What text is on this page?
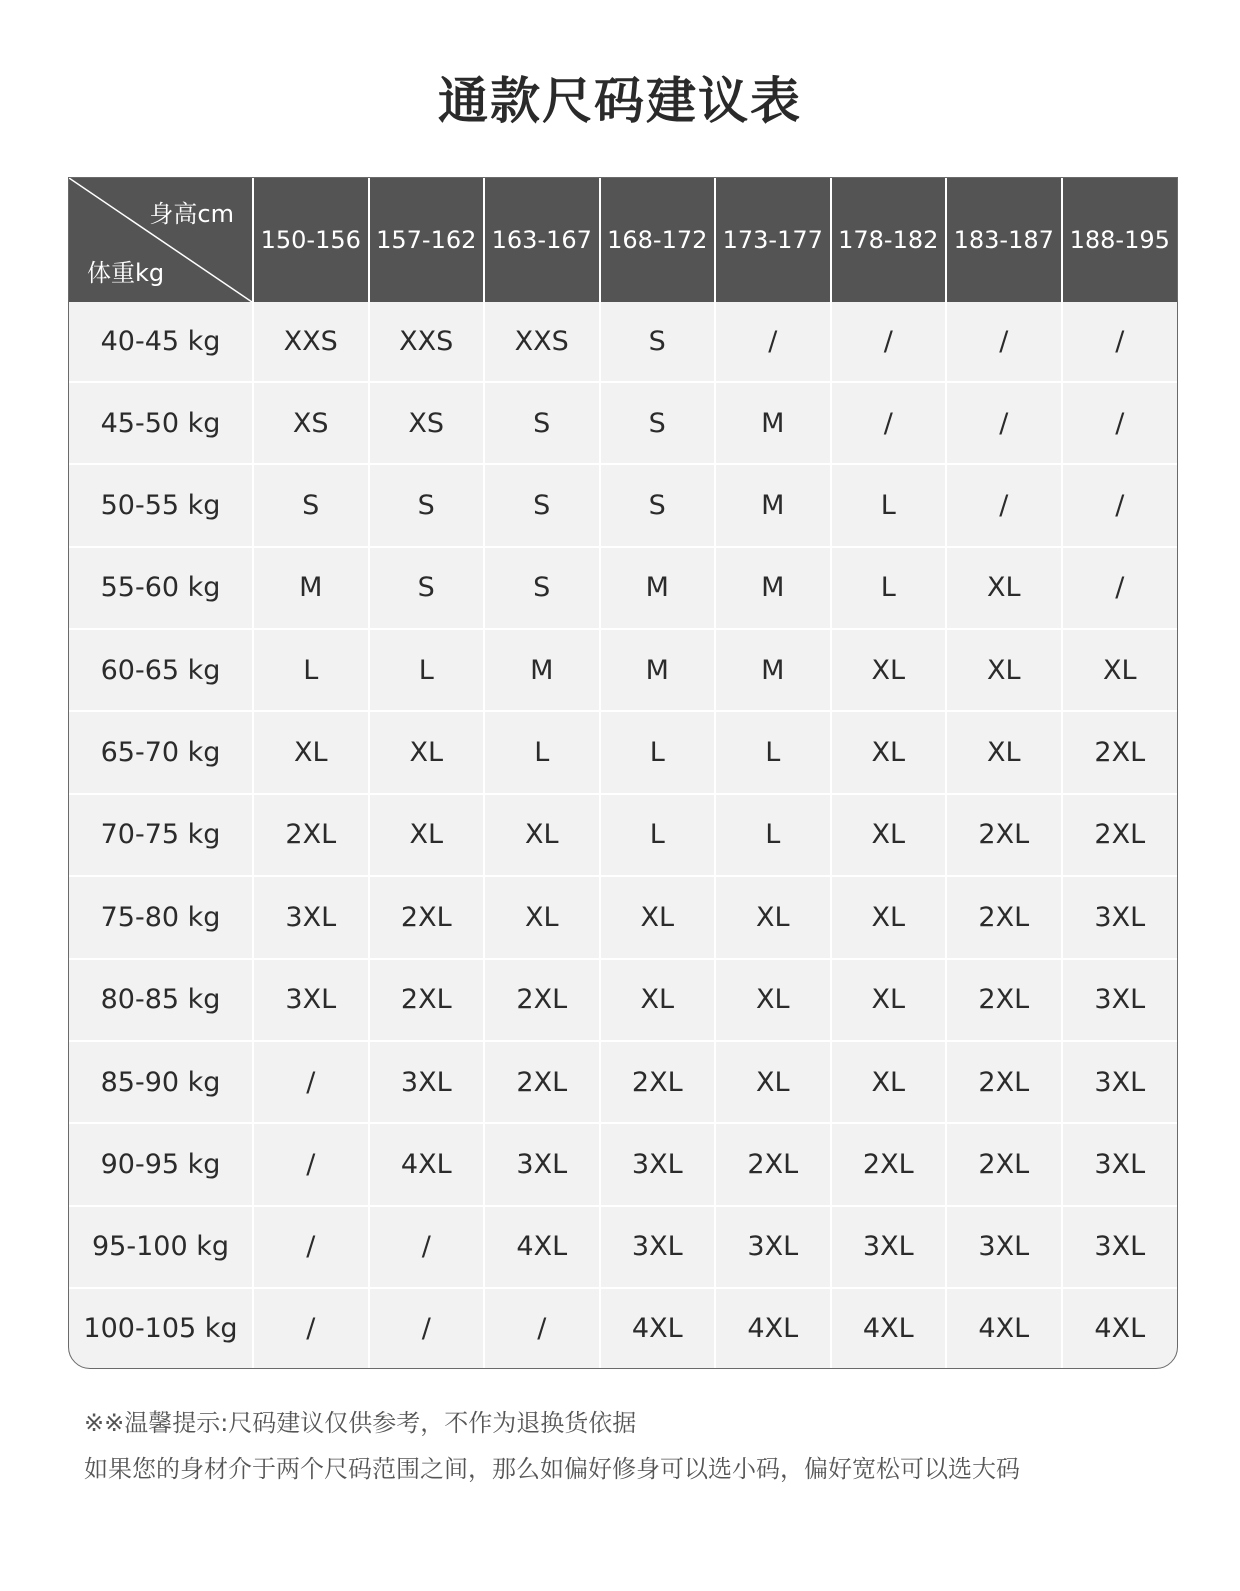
通款尺码建议表
身高cm
体重kg	150-156	157-162	163-167	168-172	173-177	178-182	183-187	188-195
40-45 kg	XXS	XXS	XXS	S	/	/	/	/
45-50 kg	XS	XS	S	S	M	/	/	/
50-55 kg	S	S	S	S	M	L	/	/
55-60 kg	M	S	S	M	M	L	XL	/
60-65 kg	L	L	M	M	M	XL	XL	XL
65-70 kg	XL	XL	L	L	L	XL	XL	2XL
70-75 kg	2XL	XL	XL	L	L	XL	2XL	2XL
75-80 kg	3XL	2XL	XL	XL	XL	XL	2XL	3XL
80-85 kg	3XL	2XL	2XL	XL	XL	XL	2XL	3XL
85-90 kg	/	3XL	2XL	2XL	XL	XL	2XL	3XL
90-95 kg	/	4XL	3XL	3XL	2XL	2XL	2XL	3XL
95-100 kg	/	/	4XL	3XL	3XL	3XL	3XL	3XL
100-105 kg	/	/	/	4XL	4XL	4XL	4XL	4XL
※※温馨提示:尺码建议仅供参考，不作为退换货依据
如果您的身材介于两个尺码范围之间，那么如偏好修身可以选小码，偏好宽松可以选大码
